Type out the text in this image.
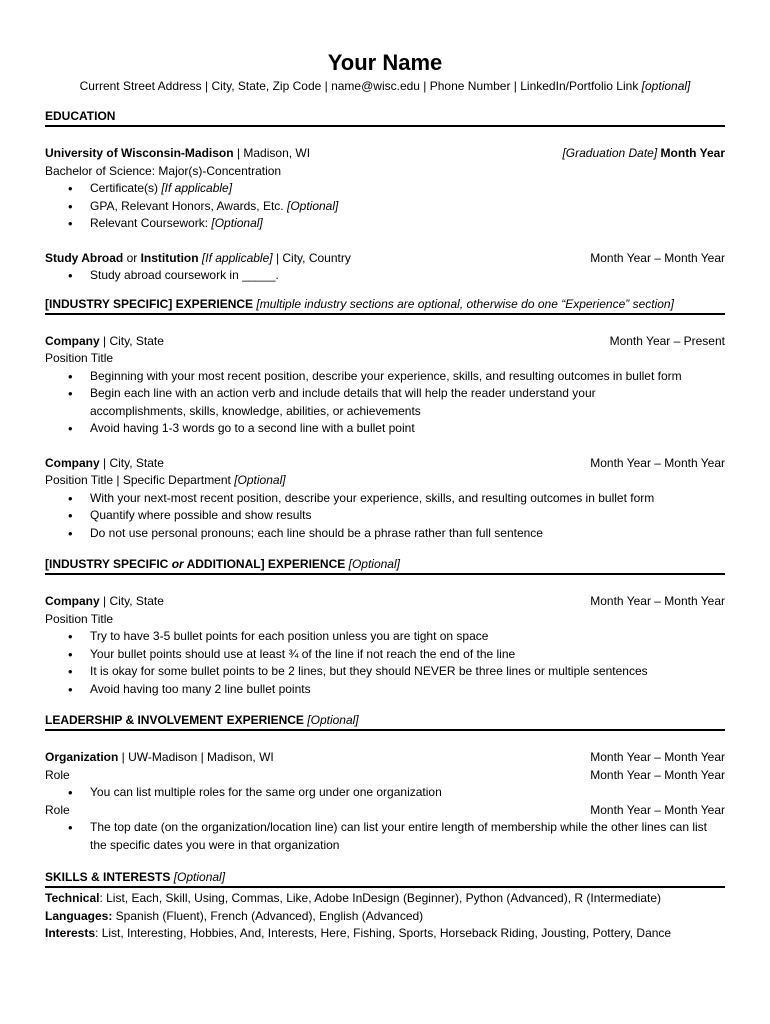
Your Name
Current Street Address | City, State, Zip Code | name@wisc.edu | Phone Number | LinkedIn/Portfolio Link [optional]
EDUCATION
University of Wisconsin-Madison | Madison, WI	[Graduation Date] Month Year
Bachelor of Science: Major(s)-Concentration
• Certificate(s) [If applicable]
• GPA, Relevant Honors, Awards, Etc. [Optional]
• Relevant Coursework: [Optional]
Study Abroad or Institution [If applicable] | City, Country	Month Year – Month Year
• Study abroad coursework in _____.
[INDUSTRY SPECIFIC] EXPERIENCE [multiple industry sections are optional, otherwise do one “Experience” section]
Company | City, State	Month Year – Present
Position Title
• Beginning with your most recent position, describe your experience, skills, and resulting outcomes in bullet form
• Begin each line with an action verb and include details that will help the reader understand your accomplishments, skills, knowledge, abilities, or achievements
• Avoid having 1-3 words go to a second line with a bullet point
Company | City, State	Month Year – Month Year
Position Title | Specific Department [Optional]
• With your next-most recent position, describe your experience, skills, and resulting outcomes in bullet form
• Quantify where possible and show results
• Do not use personal pronouns; each line should be a phrase rather than full sentence
[INDUSTRY SPECIFIC or ADDITIONAL] EXPERIENCE [Optional]
Company | City, State	Month Year – Month Year
Position Title
• Try to have 3-5 bullet points for each position unless you are tight on space
• Your bullet points should use at least ¾ of the line if not reach the end of the line
• It is okay for some bullet points to be 2 lines, but they should NEVER be three lines or multiple sentences
• Avoid having too many 2 line bullet points
LEADERSHIP & INVOLVEMENT EXPERIENCE [Optional]
Organization | UW-Madison | Madison, WI	Month Year – Month Year
Role	Month Year – Month Year
• You can list multiple roles for the same org under one organization
Role	Month Year – Month Year
• The top date (on the organization/location line) can list your entire length of membership while the other lines can list the specific dates you were in that organization
SKILLS & INTERESTS [Optional]
Technical: List, Each, Skill, Using, Commas, Like, Adobe InDesign (Beginner), Python (Advanced), R (Intermediate)
Languages: Spanish (Fluent), French (Advanced), English (Advanced)
Interests: List, Interesting, Hobbies, And, Interests, Here, Fishing, Sports, Horseback Riding, Jousting, Pottery, Dance
